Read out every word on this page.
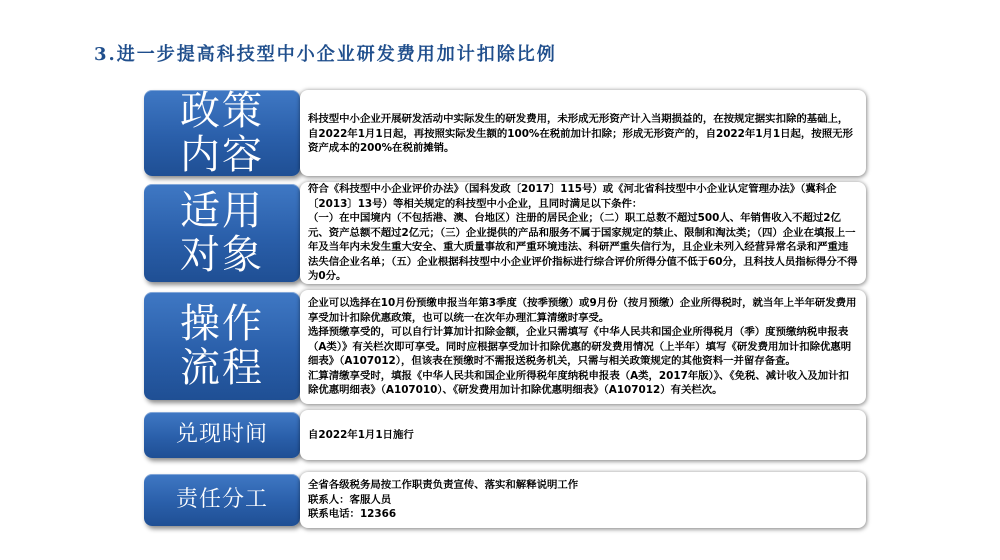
3.进一步提高科技型中小企业研发费用加计扣除比例
政策
内容

科技型中小企业开展研发活动中实际发生的研发费用，未形成无形资产计入当期损益的，在按规定据实扣除的基础上，自2022年1月1日起，再按照实际发生额的100%在税前加计扣除；形成无形资产的，自2022年1月1日起，按照无形资产成本的200%在税前摊销。

适用
对象

符合《科技型中小企业评价办法》（国科发政〔2017〕115号）或《河北省科技型中小企业认定管理办法》（冀科企〔2013〕13号）等相关规定的科技型中小企业，且同时满足以下条件：
（一）在中国境内（不包括港、澳、台地区）注册的居民企业；（二）职工总数不超过500人、年销售收入不超过2亿元、资产总额不超过2亿元；（三）企业提供的产品和服务不属于国家规定的禁止、限制和淘汰类；（四）企业在填报上一年及当年内未发生重大安全、重大质量事故和严重环境违法、科研严重失信行为，且企业未列入经营异常名录和严重违法失信企业名单；（五）企业根据科技型中小企业评价指标进行综合评价所得分值不低于60分，且科技人员指标得分不得为0分。

操作
流程

企业可以选择在10月份预缴申报当年第3季度（按季预缴）或9月份（按月预缴）企业所得税时，就当年上半年研发费用享受加计扣除优惠政策，也可以统一在次年办理汇算清缴时享受。
选择预缴享受的，可以自行计算加计扣除金额，企业只需填写《中华人民共和国企业所得税月（季）度预缴纳税申报表（A类）》有关栏次即可享受。同时应根据享受加计扣除优惠的研发费用情况（上半年）填写《研发费用加计扣除优惠明细表》（A107012），但该表在预缴时不需报送税务机关，只需与相关政策规定的其他资料一并留存备查。
汇算清缴享受时，填报《中华人民共和国企业所得税年度纳税申报表（A类，2017年版）》、《免税、减计收入及加计扣除优惠明细表》（A107010）、《研发费用加计扣除优惠明细表》（A107012）有关栏次。

兑现时间	自2022年1月1日施行

责任分工

全省各级税务局按工作职责负责宣传、落实和解释说明工作
联系人：客服人员
联系电话：12366
